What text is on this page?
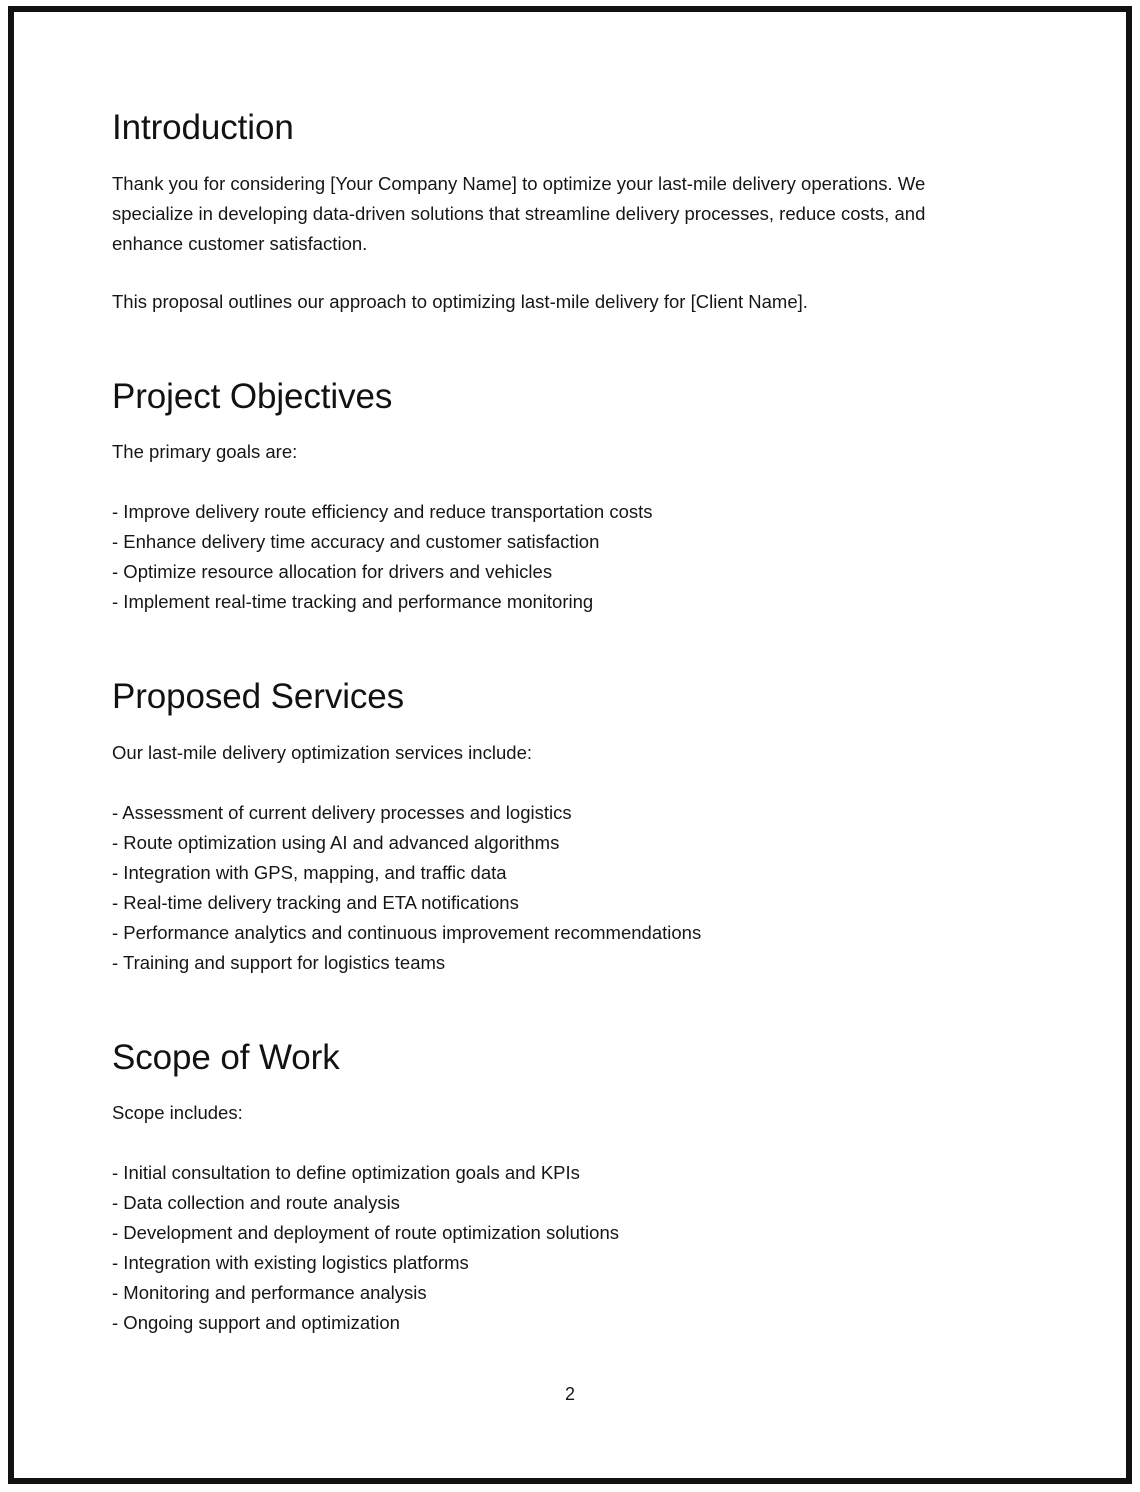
Introduction

Thank you for considering [Your Company Name] to optimize your last-mile delivery operations. We specialize in developing data-driven solutions that streamline delivery processes, reduce costs, and enhance customer satisfaction.

This proposal outlines our approach to optimizing last-mile delivery for [Client Name].

Project Objectives

The primary goals are:

- Improve delivery route efficiency and reduce transportation costs
- Enhance delivery time accuracy and customer satisfaction
- Optimize resource allocation for drivers and vehicles
- Implement real-time tracking and performance monitoring
Proposed Services

Our last-mile delivery optimization services include:

- Assessment of current delivery processes and logistics
- Route optimization using AI and advanced algorithms
- Integration with GPS, mapping, and traffic data
- Real-time delivery tracking and ETA notifications
- Performance analytics and continuous improvement recommendations
- Training and support for logistics teams
Scope of Work

Scope includes:

- Initial consultation to define optimization goals and KPIs
- Data collection and route analysis
- Development and deployment of route optimization solutions
- Integration with existing logistics platforms
- Monitoring and performance analysis
- Ongoing support and optimization
2
